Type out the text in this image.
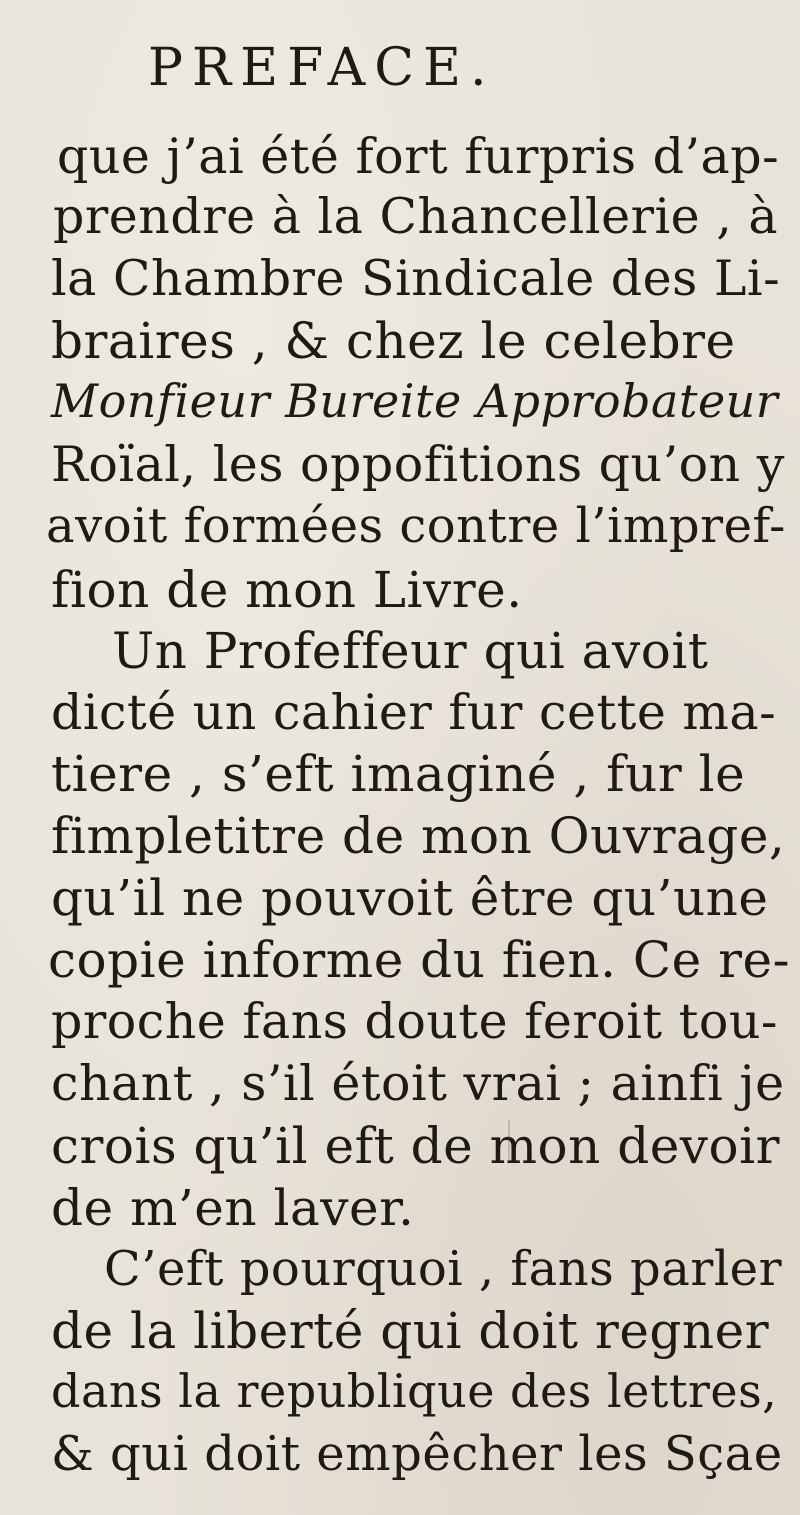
PREFACE.
que j’ai été fort furpris d’ap-
prendre à la Chancellerie , à
la Chambre Sindicale des Li-
braires , & chez le celebre
Monfieur Bureite Approbateur
Roïal, les oppofitions qu’on y
avoit formées contre l’impref-
fion de mon Livre.
Un Profeffeur qui avoit
dicté un cahier fur cette ma-
tiere , s’eft imaginé , fur le
fimpletitre de mon Ouvrage,
qu’il ne pouvoit être qu’une
copie informe du fien. Ce re-
proche fans doute feroit tou-
chant , s’il étoit vrai ; ainfi je
crois qu’il eft de mon devoir
de m’en laver.
C’eft pourquoi , fans parler
de la liberté qui doit regner
dans la republique des lettres,
& qui doit empêcher les Sçae
